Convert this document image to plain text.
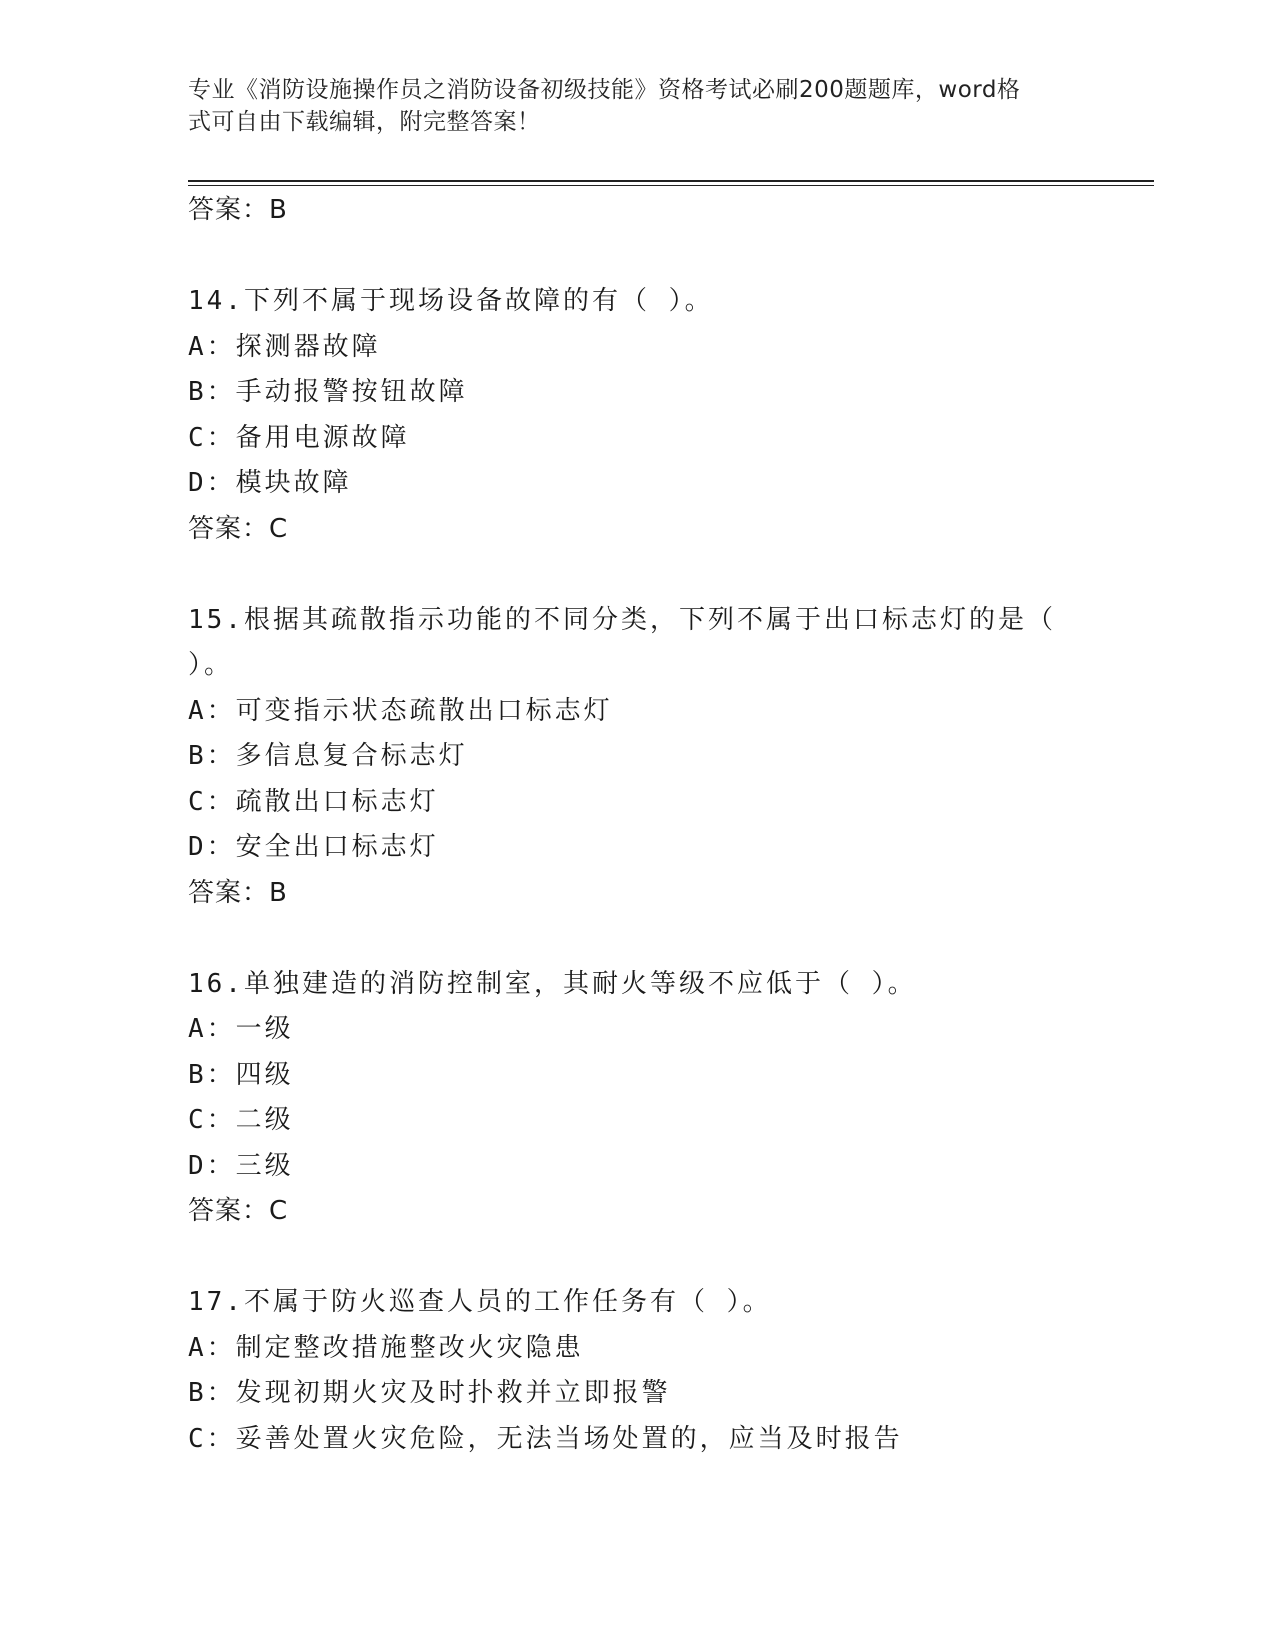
专业《消防设施操作员之消防设备初级技能》资格考试必刷200题题库，word格
式可自由下载编辑，附完整答案！
答案：B
14.下列不属于现场设备故障的有（ ）。
A：探测器故障
B：手动报警按钮故障
C：备用电源故障
D：模块故障
答案：C
15.根据其疏散指示功能的不同分类，下列不属于出口标志灯的是（
）。
A：可变指示状态疏散出口标志灯
B：多信息复合标志灯
C：疏散出口标志灯
D：安全出口标志灯
答案：B
16.单独建造的消防控制室，其耐火等级不应低于（ ）。
A：一级
B：四级
C：二级
D：三级
答案：C
17.不属于防火巡查人员的工作任务有（ ）。
A：制定整改措施整改火灾隐患
B：发现初期火灾及时扑救并立即报警
C：妥善处置火灾危险，无法当场处置的，应当及时报告
